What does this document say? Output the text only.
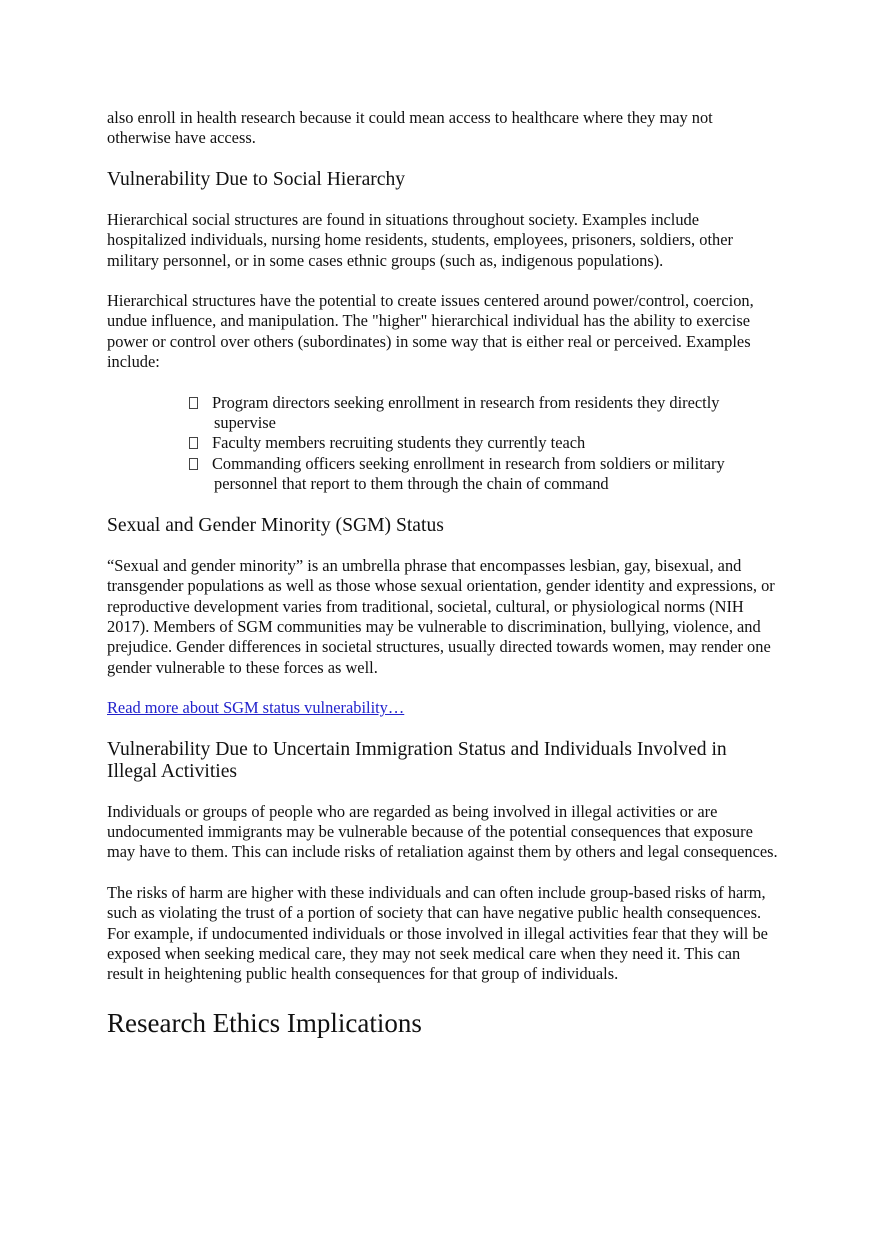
also enroll in health research because it could mean access to healthcare where they may not otherwise have access.

Vulnerability Due to Social Hierarchy

Hierarchical social structures are found in situations throughout society. Examples include hospitalized individuals, nursing home residents, students, employees, prisoners, soldiers, other military personnel, or in some cases ethnic groups (such as, indigenous populations).

Hierarchical structures have the potential to create issues centered around power/control, coercion, undue influence, and manipulation. The "higher" hierarchical individual has the ability to exercise power or control over others (subordinates) in some way that is either real or perceived. Examples include:

Program directors seeking enrollment in research from residents they directly supervise
Faculty members recruiting students they currently teach
Commanding officers seeking enrollment in research from soldiers or military personnel that report to them through the chain of command
Sexual and Gender Minority (SGM) Status

“Sexual and gender minority” is an umbrella phrase that encompasses lesbian, gay, bisexual, and transgender populations as well as those whose sexual orientation, gender identity and expressions, or reproductive development varies from traditional, societal, cultural, or physiological norms (NIH 2017). Members of SGM communities may be vulnerable to discrimination, bullying, violence, and prejudice. Gender differences in societal structures, usually directed towards women, may render one gender vulnerable to these forces as well.

Read more about SGM status vulnerability…

Vulnerability Due to Uncertain Immigration Status and Individuals Involved in Illegal Activities

Individuals or groups of people who are regarded as being involved in illegal activities or are undocumented immigrants may be vulnerable because of the potential consequences that exposure may have to them. This can include risks of retaliation against them by others and legal consequences.

The risks of harm are higher with these individuals and can often include group-based risks of harm, such as violating the trust of a portion of society that can have negative public health consequences. For example, if undocumented individuals or those involved in illegal activities fear that they will be exposed when seeking medical care, they may not seek medical care when they need it. This can result in heightening public health consequences for that group of individuals.

Research Ethics Implications
